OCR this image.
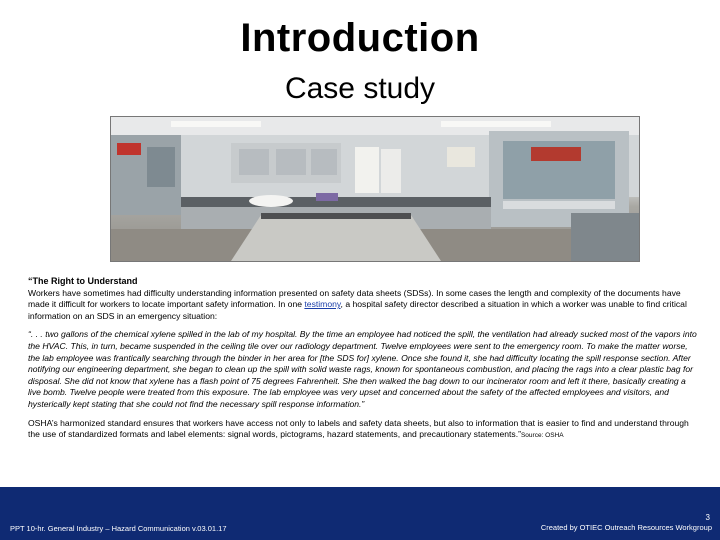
Introduction
Case study
“The Right to Understand

Workers have sometimes had difficulty understanding information presented on safety data sheets (SDSs). In some cases the length and complexity of the documents have made it difficult for workers to locate important safety information. In one testimony, a hospital safety director described a situation in which a worker was unable to find critical information on an SDS in an emergency situation:

“. . . two gallons of the chemical xylene spilled in the lab of my hospital. By the time an employee had noticed the spill, the ventilation had already sucked most of the vapors into the HVAC. This, in turn, became suspended in the ceiling tile over our radiology department. Twelve employees were sent to the emergency room. To make the matter worse, the lab employee was frantically searching through the binder in her area for [the SDS for] xylene. Once she found it, she had difficulty locating the spill response section. After notifying our engineering department, she began to clean up the spill with solid waste rags, known for spontaneous combustion, and placing the rags into a clear plastic bag for disposal. She did not know that xylene has a flash point of 75 degrees Fahrenheit. She then walked the bag down to our incinerator room and left it there, basically creating a live bomb. Twelve people were treated from this exposure. The lab employee was very upset and concerned about the safety of the affected employees and visitors, and hysterically kept stating that she could not find the necessary spill response information.”

OSHA’s harmonized standard ensures that workers have access not only to labels and safety data sheets, but also to information that is easier to find and understand through the use of standardized formats and label elements: signal words, pictograms, hazard statements, and precautionary statements.”Source: OSHA

3
PPT 10-hr. General Industry – Hazard Communication v.03.01.17	Created by OTIEC Outreach Resources Workgroup
